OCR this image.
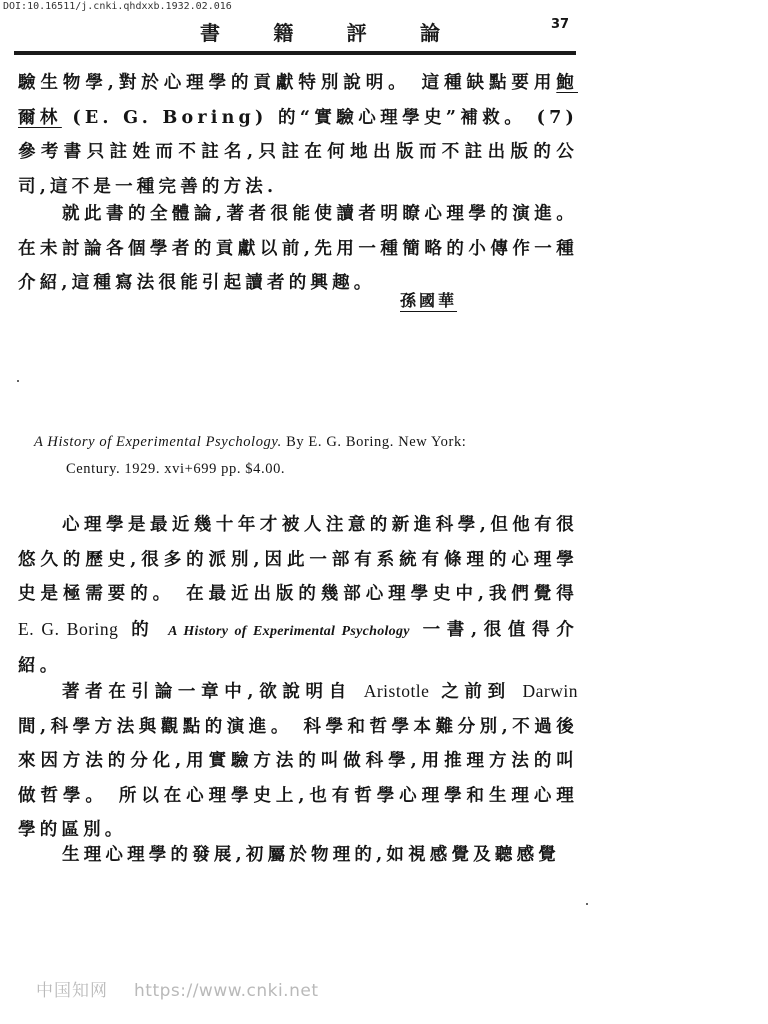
DOI:10.16511/j.cnki.qhdxxb.1932.02.016
書	籍	評	論	37

驗生物學,對於心理學的貢獻特別說明。 這種缺點要用鮑爾林 (E. G. Boring) 的“實驗心理學史”補救。 (7)參考書只註姓而不註名,只註在何地出版而不註出版的公司,這不是一種完善的方法.

就此書的全體論,著者很能使讀者明瞭心理學的演進。在未討論各個學者的貢獻以前,先用一種簡略的小傳作一種介紹,這種寫法很能引起讀者的興趣。

孫國華
A History of Experimental Psychology. By E. G. Boring. New York:
Century. 1929. xvi+699 pp. $4.00.

心理學是最近幾十年才被人注意的新進科學,但他有很悠久的歷史,很多的派別,因此一部有系統有條理的心理學史是極需要的。 在最近出版的幾部心理學史中,我們覺得 E. G. Boring 的 A History of Experimental Psychology 一書,很值得介紹。

著者在引論一章中,欲說明自 Aristotle 之前到 Darwin 間,科學方法與觀點的演進。 科學和哲學本難分別,不過後來因方法的分化,用實驗方法的叫做科學,用推理方法的叫做哲學。 所以在心理學史上,也有哲學心理學和生理心理學的區別。

生理心理學的發展,初屬於物理的,如視感覺及聽感覺

中国知网 https://www.cnki.net
